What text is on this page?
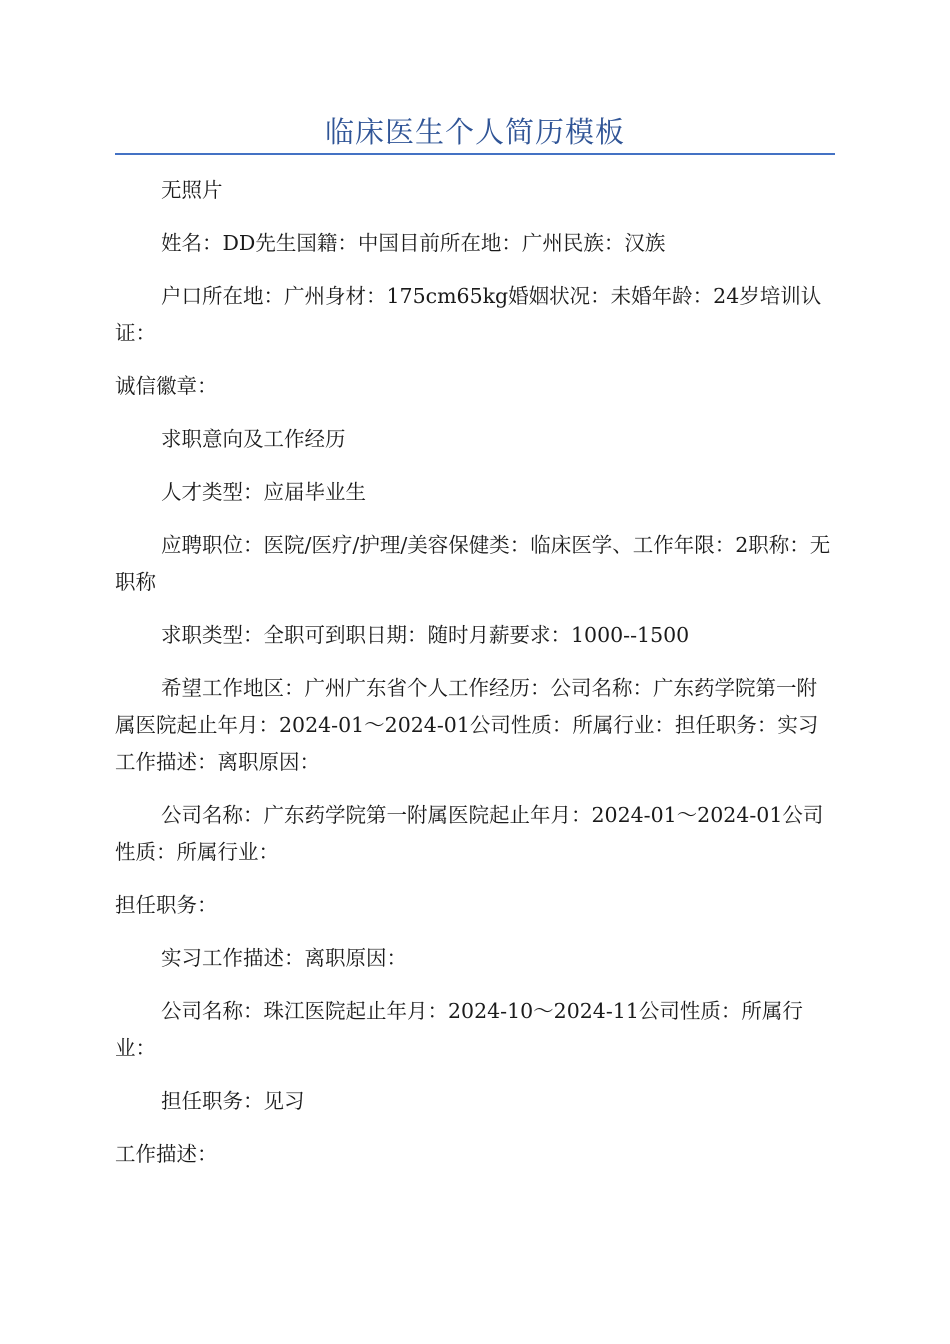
临床医生个人简历模板

无照片

姓名：DD先生国籍：中国目前所在地：广州民族：汉族

户口所在地：广州身材：175cm65kg婚姻状况：未婚年龄：24岁培训认证：

诚信徽章：

求职意向及工作经历

人才类型：应届毕业生

应聘职位：医院/医疗/护理/美容保健类：临床医学、工作年限：2职称：无职称

求职类型：全职可到职日期：随时月薪要求：1000--1500

希望工作地区：广州广东省个人工作经历：公司名称：广东药学院第一附属医院起止年月：2024-01～2024-01公司性质：所属行业：担任职务：实习工作描述：离职原因：

公司名称：广东药学院第一附属医院起止年月：2024-01～2024-01公司性质：所属行业：

担任职务：

实习工作描述：离职原因：

公司名称：珠江医院起止年月：2024-10～2024-11公司性质：所属行业：

担任职务：见习

工作描述：
